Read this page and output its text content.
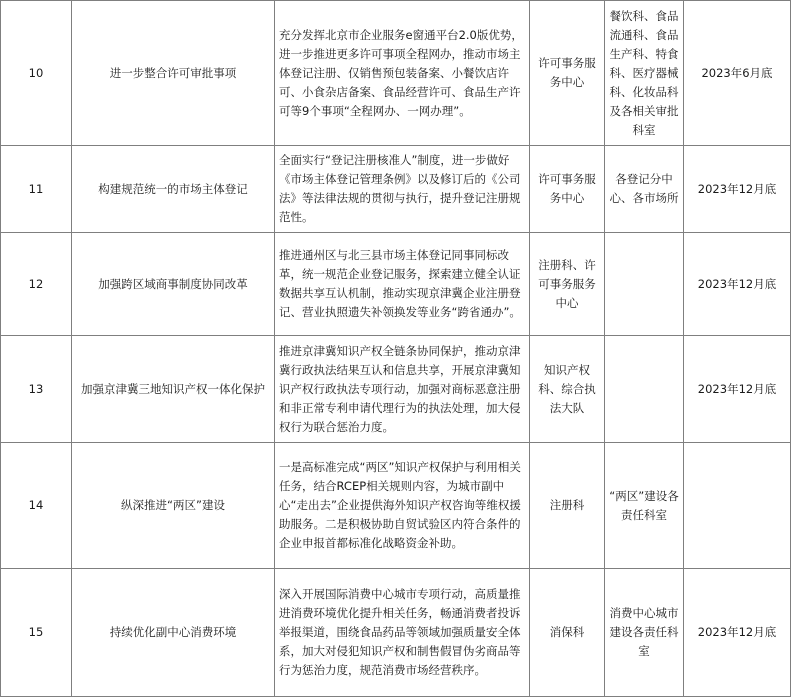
10	进一步整合许可审批事项	充分发挥北京市企业服务e窗通平台2.0版优势，进一步推进更多许可事项全程网办，推动市场主体登记注册、仅销售预包装备案、小餐饮店许可、小食杂店备案、食品经营许可、食品生产许可等9个事项“全程网办、一网办理”。	许可事务服务中心	餐饮科、食品流通科、食品生产科、特食科、医疗器械科、化妆品科及各相关审批科室	2023年6月底
11	构建规范统一的市场主体登记	全面实行“登记注册核准人”制度，进一步做好《市场主体登记管理条例》以及修订后的《公司法》等法律法规的贯彻与执行，提升登记注册规范性。	许可事务服务中心	各登记分中心、各市场所	2023年12月底
12	加强跨区域商事制度协同改革	推进通州区与北三县市场主体登记同事同标改革，统一规范企业登记服务，探索建立健全认证数据共享互认机制，推动实现京津冀企业注册登记、营业执照遗失补领换发等业务“跨省通办”。	注册科、许可事务服务中心		2023年12月底
13	加强京津冀三地知识产权一体化保护	推进京津冀知识产权全链条协同保护，推动京津冀行政执法结果互认和信息共享，开展京津冀知识产权行政执法专项行动，加强对商标恶意注册和非正常专利申请代理行为的执法处理，加大侵权行为联合惩治力度。	知识产权科、综合执法大队		2023年12月底
14	纵深推进“两区”建设	一是高标准完成“两区”知识产权保护与利用相关任务，结合RCEP相关规则内容，为城市副中心“走出去”企业提供海外知识产权咨询等维权援助服务。二是积极协助自贸试验区内符合条件的企业申报首都标准化战略资金补助。	注册科	“两区”建设各责任科室	
15	持续优化副中心消费环境	深入开展国际消费中心城市专项行动，高质量推进消费环境优化提升相关任务，畅通消费者投诉举报渠道，围绕食品药品等领域加强质量安全体系，加大对侵犯知识产权和制售假冒伪劣商品等行为惩治力度，规范消费市场经营秩序。	消保科	消费中心城市建设各责任科室	2023年12月底
